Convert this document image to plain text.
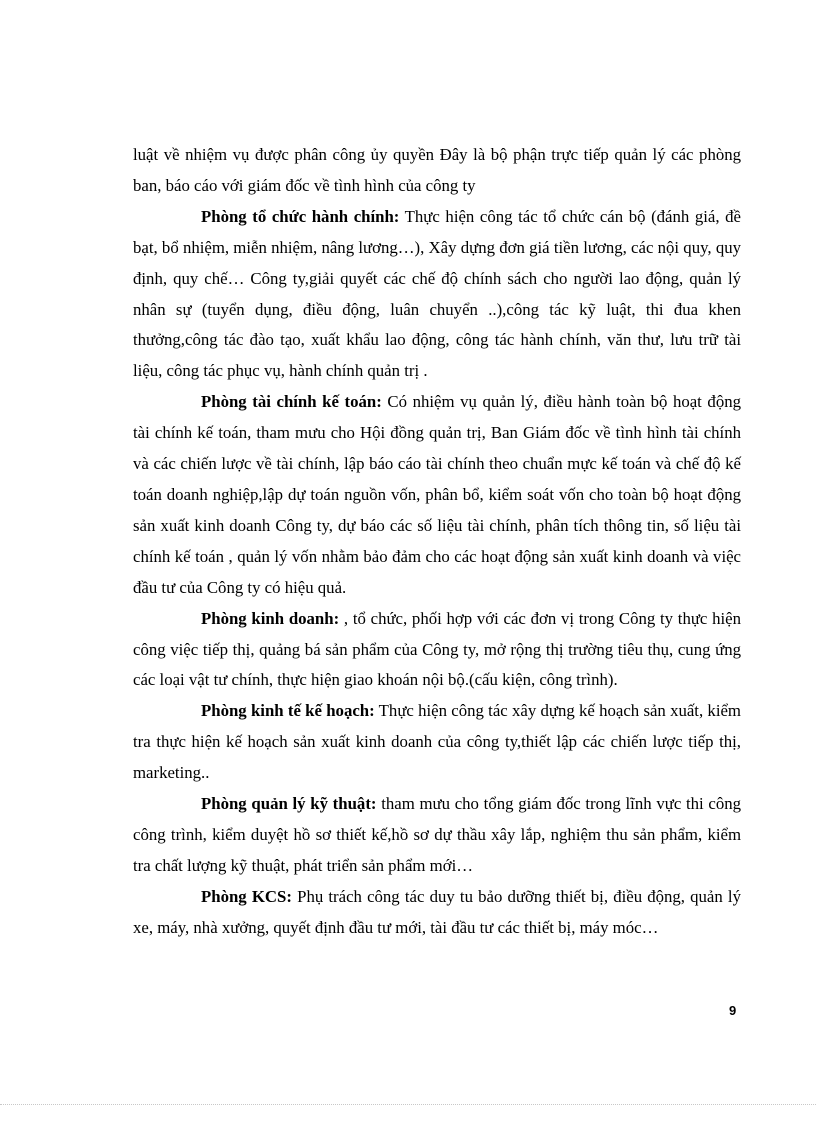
luật về nhiệm vụ được phân công ủy quyền Đây là bộ phận trực tiếp quản lý các phòng ban, báo cáo với giám đốc về tình hình của công ty

Phòng tổ chức hành chính: Thực hiện công tác tổ chức cán bộ (đánh giá, đề bạt, bổ nhiệm, miễn nhiệm, nâng lương…), Xây dựng đơn giá tiền lương, các nội quy, quy định, quy chế… Công ty,giải quyết các chế độ chính sách cho người lao động, quản lý nhân sự (tuyển dụng, điều động, luân chuyển ..),công tác kỹ luật, thi đua khen thưởng,công tác đào tạo, xuất khẩu lao động, công tác hành chính, văn thư, lưu trữ tài liệu, công tác phục vụ, hành chính quản trị .

Phòng tài chính kế toán: Có nhiệm vụ quản lý, điều hành toàn bộ hoạt động tài chính kế toán, tham mưu cho Hội đồng quản trị, Ban Giám đốc về tình hình tài chính và các chiến lược về tài chính, lập báo cáo tài chính theo chuẩn mực kế toán và chế độ kế toán doanh nghiệp,lập dự toán nguồn vốn, phân bổ, kiểm soát vốn cho toàn bộ hoạt động sản xuất kinh doanh Công ty, dự báo các số liệu tài chính, phân tích thông tin, số liệu tài chính kế toán , quản lý vốn nhằm bảo đảm cho các hoạt động sản xuất kinh doanh và việc đầu tư của Công ty có hiệu quả.

Phòng kinh doanh: , tổ chức, phối hợp với các đơn vị trong Công ty thực hiện công việc tiếp thị, quảng bá sản phẩm của Công ty, mở rộng thị trường tiêu thụ, cung ứng các loại vật tư chính, thực hiện giao khoán nội bộ.(cấu kiện, công trình).

Phòng kinh tế kế hoạch: Thực hiện công tác xây dựng kế hoạch sản xuất, kiểm tra thực hiện kế hoạch sản xuất kinh doanh của công ty,thiết lập các chiến lược tiếp thị, marketing..

Phòng quản lý kỹ thuật: tham mưu cho tổng giám đốc trong lĩnh vực thi công công trình, kiểm duyệt hồ sơ thiết kế,hồ sơ dự thầu xây lắp, nghiệm thu sản phẩm, kiểm tra chất lượng kỹ thuật, phát triển sản phẩm mới…

Phòng KCS: Phụ trách công tác duy tu bảo dưỡng thiết bị, điều động, quản lý xe, máy, nhà xưởng, quyết định đầu tư mới, tài đầu tư các thiết bị, máy móc…

9
